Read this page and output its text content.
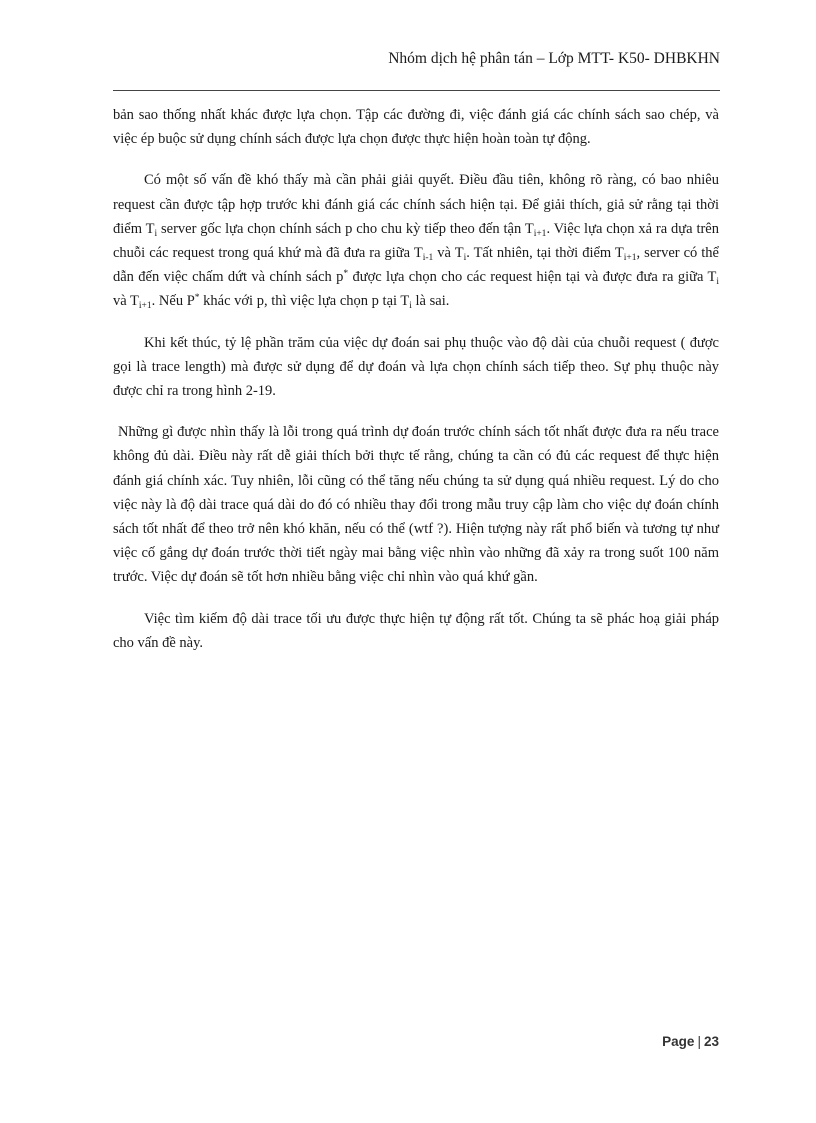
Nhóm dịch hệ phân tán – Lớp MTT- K50- DHBKHN

bản sao thống nhất khác được lựa chọn. Tập các đường đi, việc đánh giá các chính sách sao chép, và việc ép buộc sử dụng chính sách được lựa chọn được thực hiện hoàn toàn tự động.

Có một số vấn đề khó thấy mà cần phải giải quyết. Điều đầu tiên, không rõ ràng, có bao nhiêu request cần được tập hợp trước khi đánh giá các chính sách hiện tại. Để giải thích, giả sử rằng tại thời điểm $T_i$ server gốc lựa chọn chính sách p cho chu kỳ tiếp theo đến tận $T_{i+1}$. Việc lựa chọn xả ra dựa trên chuỗi các request trong quá khứ mà đã đưa ra giữa $T_{i-1}$ và $T_i$. Tất nhiên, tại thời điểm $T_{i+1}$, server có thể dẫn đến việc chấm dứt và chính sách p* được lựa chọn cho các request hiện tại và được đưa ra giữa $T_i$ và $T_{i+1}$. Nếu P* khác với p, thì việc lựa chọn p tại $T_i$ là sai.

Khi kết thúc, tỷ lệ phần trăm của việc dự đoán sai phụ thuộc vào độ dài của chuỗi request ( được gọi là trace length) mà được sử dụng để dự đoán và lựa chọn chính sách tiếp theo. Sự phụ thuộc này được chỉ ra trong hình 2-19.

Những gì được nhìn thấy là lỗi trong quá trình dự đoán trước chính sách tốt nhất được đưa ra nếu trace không đủ dài. Điều này rất dễ giải thích bởi thực tế rằng, chúng ta cần có đủ các request để thực hiện đánh giá chính xác. Tuy nhiên, lỗi cũng có thể tăng nếu chúng ta sử dụng quá nhiều request. Lý do cho việc này là độ dài trace quá dài do đó có nhiều thay đổi trong mẫu truy cập làm cho việc dự đoán chính sách tốt nhất để theo trở nên khó khăn, nếu có thể (wtf ?). Hiện tượng này rất phổ biến và tương tự như việc cố gắng dự đoán trước thời tiết ngày mai bằng việc nhìn vào những đã xảy ra trong suốt 100 năm trước. Việc dự đoán sẽ tốt hơn nhiều bằng việc chỉ nhìn vào quá khứ gần.

Việc tìm kiếm độ dài trace tối ưu được thực hiện tự động rất tốt. Chúng ta sẽ phác hoạ giải pháp cho vấn đề này.

Page | 23
